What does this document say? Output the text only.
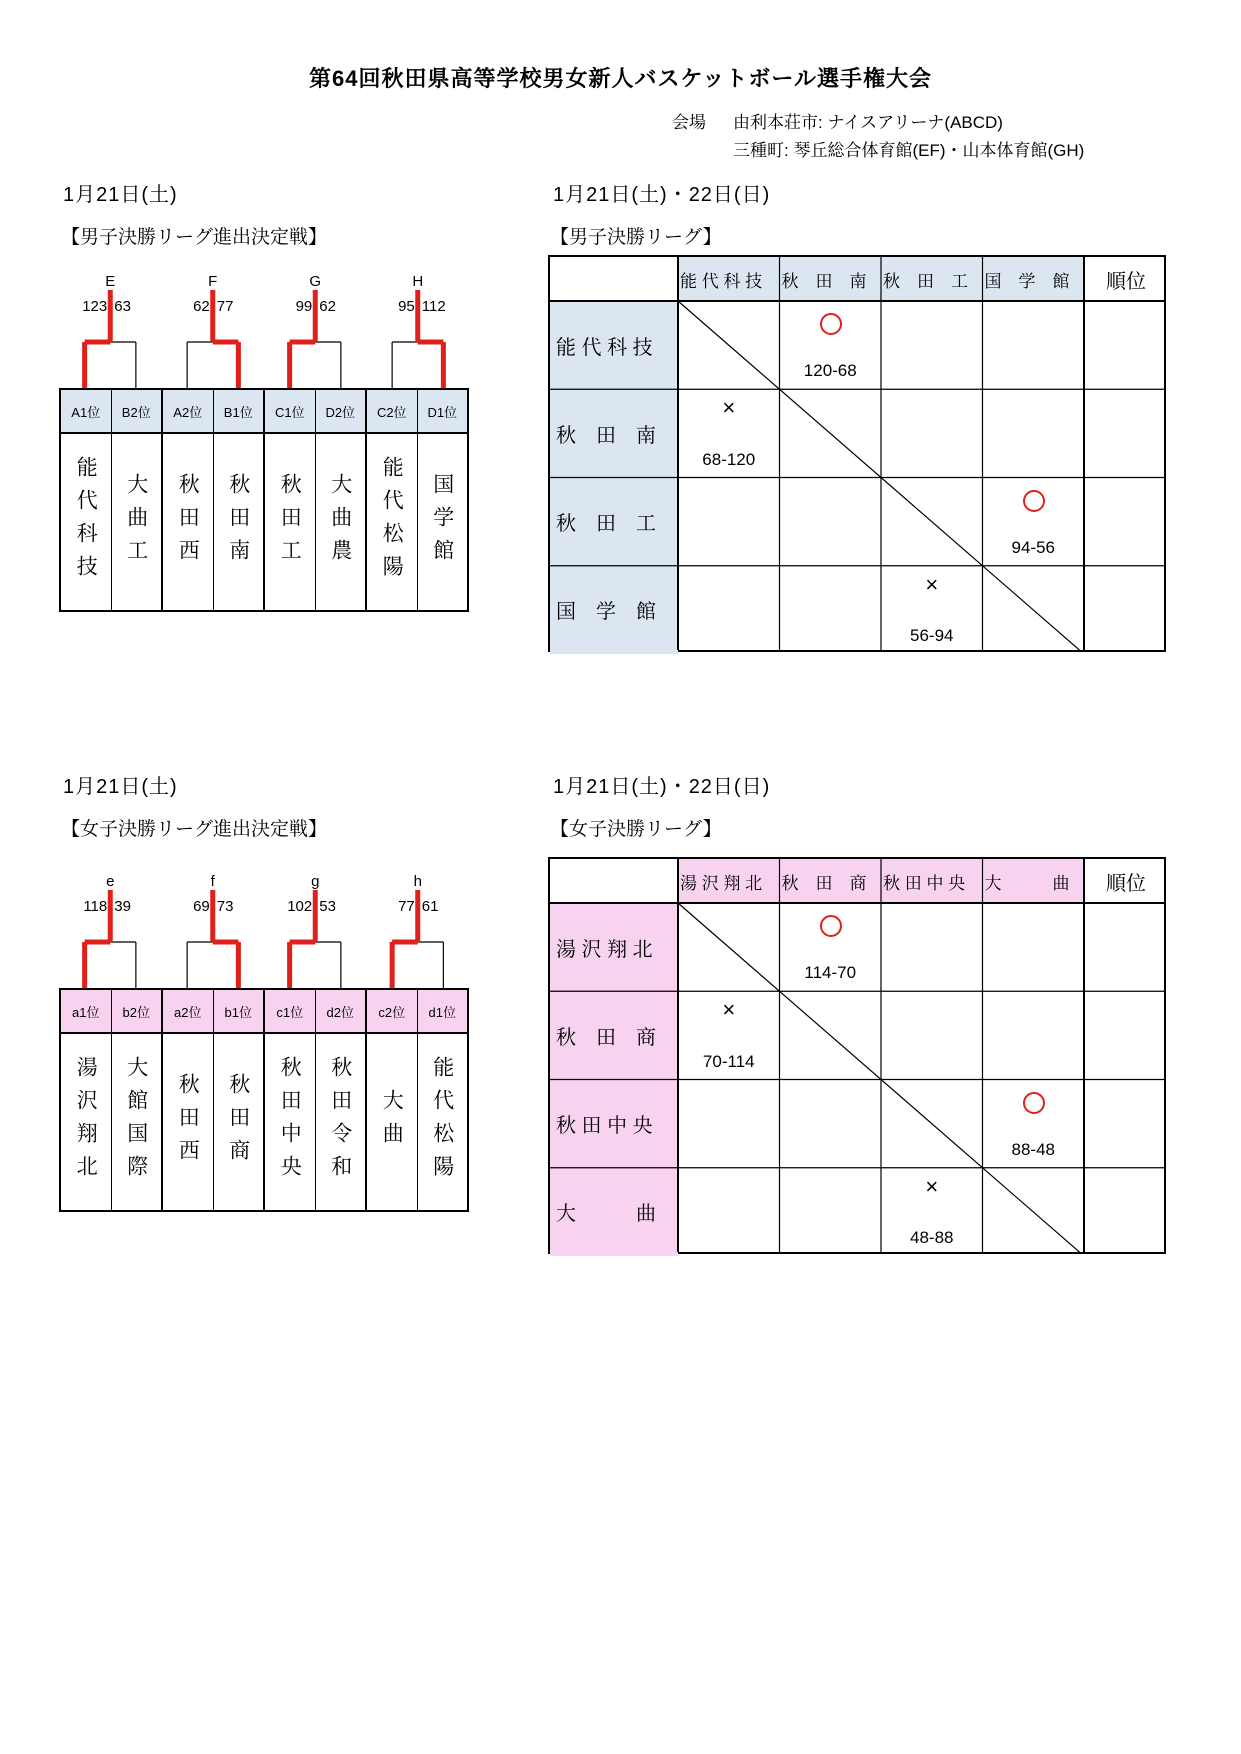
第64回秋田県高等学校男女新人バスケットボール選手権大会
会場 由利本荘市: ナイスアリーナ(ABCD)
三種町: 琴丘総合体育館(EF)・山本体育館(GH)
1月21日(土)
【男子決勝リーグ進出決定戦】
1月21日(土)・22日(日)
【男子決勝リーグ】
A1位
能代科技
B2位
大曲工
A2位
秋田西
B1位
秋田南
C1位
秋田工
D2位
大曲農
C2位
能代松陽
D1位
国学館
E
123 63
F
62 77
G
99 62
H
95 112
能 代 科 技 秋　田　南 秋　田　工 国　学　館 順位
能 代 科 技
秋　田　南
秋　田　工
国　学　館
120-68
×
68-120
94-56
×
56-94
1月21日(土)
【女子決勝リーグ進出決定戦】
1月21日(土)・22日(日)
【女子決勝リーグ】
a1位
湯沢翔北
b2位
大館国際
a2位
秋田西
b1位
秋田商
c1位
秋田中央
d2位
秋田令和
c2位
大曲
d1位
能代松陽
e
118 39
f
69 73
g
102 53
h
77 61
湯 沢 翔 北 秋　田　商 秋 田 中 央 大　　　曲 順位
湯 沢 翔 北
秋　田　商
秋 田 中 央
大　　　曲
114-70
×
70-114
88-48
×
48-88
